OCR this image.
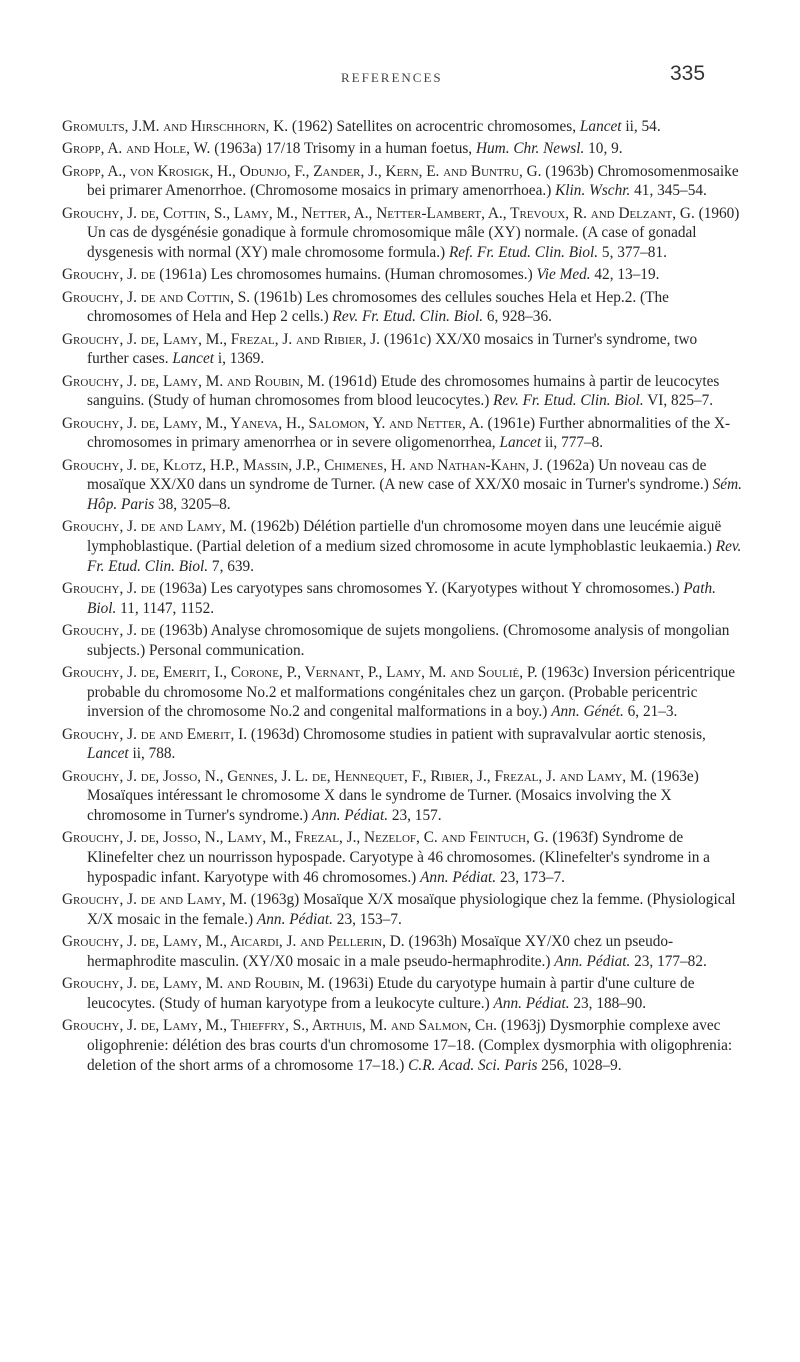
REFERENCES	335

Gromults, J.M. and Hirschhorn, K. (1962) Satellites on acrocentric chromosomes, Lancet ii, 54.

Gropp, A. and Hole, W. (1963a) 17/18 Trisomy in a human foetus, Hum. Chr. Newsl. 10, 9.

Gropp, A., von Krosigk, H., Odunjo, F., Zander, J., Kern, E. and Buntru, G. (1963b) Chromosomenmosaike bei primarer Amenorrhoe. (Chromosome mosaics in primary amenorrhoea.) Klin. Wschr. 41, 345–54.

Grouchy, J. de, Cottin, S., Lamy, M., Netter, A., Netter-Lambert, A., Trevoux, R. and Delzant, G. (1960) Un cas de dysgénésie gonadique à formule chromosomique mâle (XY) normale. (A case of gonadal dysgenesis with normal (XY) male chromosome formula.) Ref. Fr. Etud. Clin. Biol. 5, 377–81.

Grouchy, J. de (1961a) Les chromosomes humains. (Human chromosomes.) Vie Med. 42, 13–19.

Grouchy, J. de and Cottin, S. (1961b) Les chromosomes des cellules souches Hela et Hep.2. (The chromosomes of Hela and Hep 2 cells.) Rev. Fr. Etud. Clin. Biol. 6, 928–36.

Grouchy, J. de, Lamy, M., Frezal, J. and Ribier, J. (1961c) XX/X0 mosaics in Turner's syndrome, two further cases. Lancet i, 1369.

Grouchy, J. de, Lamy, M. and Roubin, M. (1961d) Etude des chromosomes humains à partir de leucocytes sanguins. (Study of human chromosomes from blood leucocytes.) Rev. Fr. Etud. Clin. Biol. VI, 825–7.

Grouchy, J. de, Lamy, M., Yaneva, H., Salomon, Y. and Netter, A. (1961e) Further abnormalities of the X-chromosomes in primary amenorrhea or in severe oligomenorrhea, Lancet ii, 777–8.

Grouchy, J. de, Klotz, H.P., Massin, J.P., Chimenes, H. and Nathan-Kahn, J. (1962a) Un noveau cas de mosaïque XX/X0 dans un syndrome de Turner. (A new case of XX/X0 mosaic in Turner's syndrome.) Sém. Hôp. Paris 38, 3205–8.

Grouchy, J. de and Lamy, M. (1962b) Délétion partielle d'un chromosome moyen dans une leucémie aiguë lymphoblastique. (Partial deletion of a medium sized chromosome in acute lymphoblastic leukaemia.) Rev. Fr. Etud. Clin. Biol. 7, 639.

Grouchy, J. de (1963a) Les caryotypes sans chromosomes Y. (Karyotypes without Y chromosomes.) Path. Biol. 11, 1147, 1152.

Grouchy, J. de (1963b) Analyse chromosomique de sujets mongoliens. (Chromosome analysis of mongolian subjects.) Personal communication.

Grouchy, J. de, Emerit, I., Corone, P., Vernant, P., Lamy, M. and Soulié, P. (1963c) Inversion péricentrique probable du chromosome No.2 et malformations congénitales chez un garçon. (Probable pericentric inversion of the chromosome No.2 and congenital malformations in a boy.) Ann. Génét. 6, 21–3.

Grouchy, J. de and Emerit, I. (1963d) Chromosome studies in patient with supravalvular aortic stenosis, Lancet ii, 788.

Grouchy, J. de, Josso, N., Gennes, J. L. de, Hennequet, F., Ribier, J., Frezal, J. and Lamy, M. (1963e) Mosaïques intéressant le chromosome X dans le syndrome de Turner. (Mosaics involving the X chromosome in Turner's syndrome.) Ann. Pédiat. 23, 157.

Grouchy, J. de, Josso, N., Lamy, M., Frezal, J., Nezelof, C. and Feintuch, G. (1963f) Syndrome de Klinefelter chez un nourrisson hypospade. Caryotype à 46 chromosomes. (Klinefelter's syndrome in a hypospadic infant. Karyotype with 46 chromosomes.) Ann. Pédiat. 23, 173–7.

Grouchy, J. de and Lamy, M. (1963g) Mosaïque X/X mosaïque physiologique chez la femme. (Physiological X/X mosaic in the female.) Ann. Pédiat. 23, 153–7.

Grouchy, J. de, Lamy, M., Aicardi, J. and Pellerin, D. (1963h) Mosaïque XY/X0 chez un pseudo-hermaphrodite masculin. (XY/X0 mosaic in a male pseudo-hermaphrodite.) Ann. Pédiat. 23, 177–82.

Grouchy, J. de, Lamy, M. and Roubin, M. (1963i) Etude du caryotype humain à partir d'une culture de leucocytes. (Study of human karyotype from a leukocyte culture.) Ann. Pédiat. 23, 188–90.

Grouchy, J. de, Lamy, M., Thieffry, S., Arthuis, M. and Salmon, Ch. (1963j) Dysmorphie complexe avec oligophrenie: délétion des bras courts d'un chromosome 17–18. (Complex dysmorphia with oligophrenia: deletion of the short arms of a chromosome 17–18.) C.R. Acad. Sci. Paris 256, 1028–9.
